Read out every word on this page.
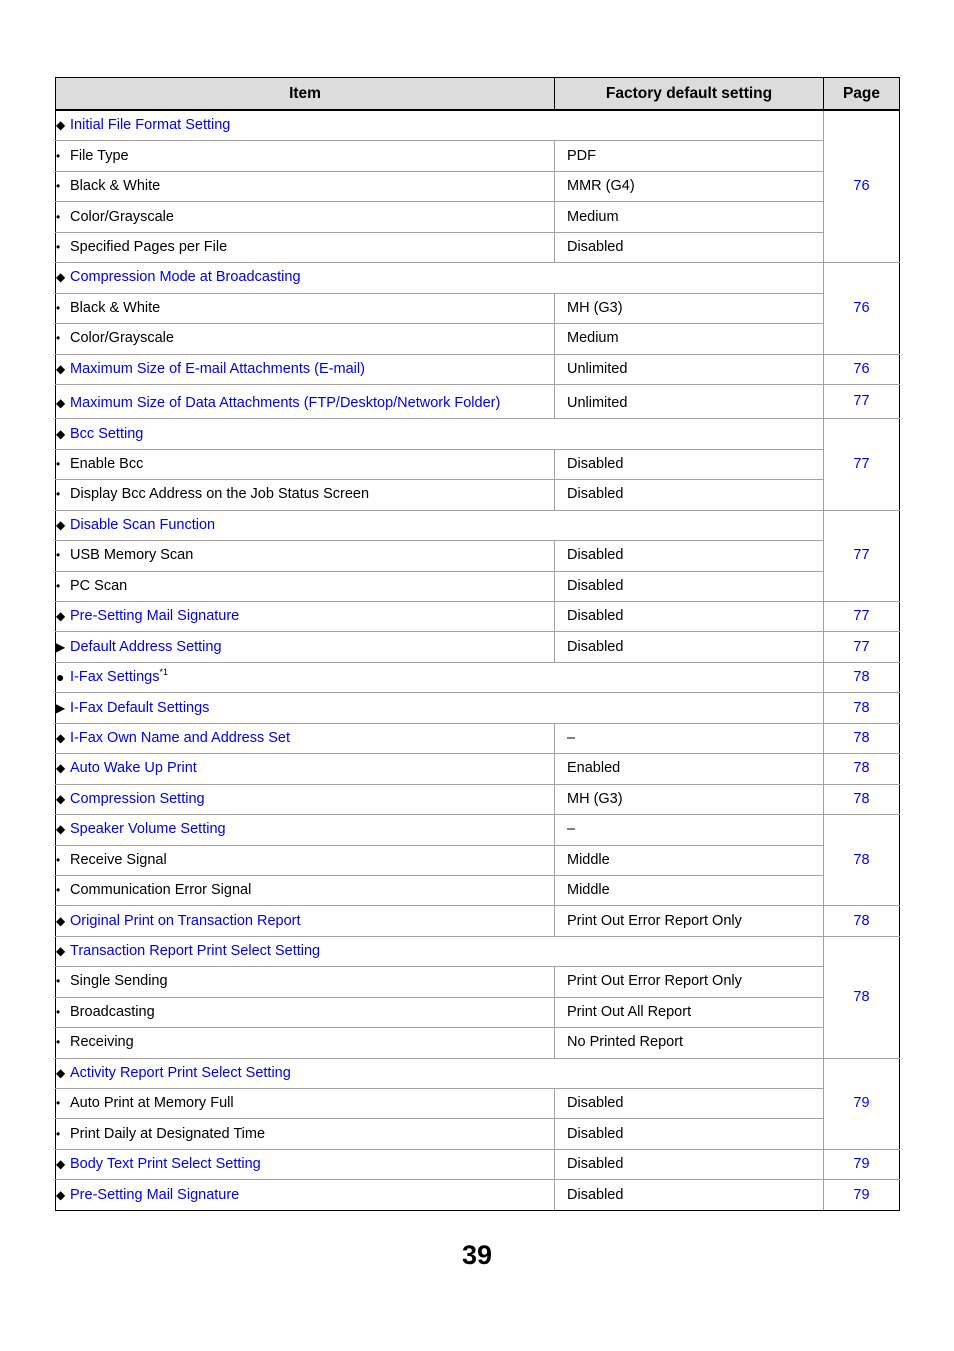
Item	Factory default setting	Page

◆ Initial File Format Setting		76

• File Type	PDF	

• Black & White	MMR (G4)	

• Color/Grayscale	Medium	

• Specified Pages per File	Disabled	

◆ Compression Mode at Broadcasting		76

• Black & White	MH (G3)	

• Color/Grayscale	Medium	

◆ Maximum Size of E-mail Attachments (E-mail)	Unlimited	76

◆ Maximum Size of Data Attachments (FTP/Desktop/Network Folder)	Unlimited	77

◆ Bcc Setting		77

• Enable Bcc	Disabled	

• Display Bcc Address on the Job Status Screen	Disabled	

◆ Disable Scan Function		77

• USB Memory Scan	Disabled	

• PC Scan	Disabled	

◆ Pre-Setting Mail Signature	Disabled	77

▶ Default Address Setting	Disabled	77

● I-Fax Settings$^{*1}$		78

▶ I-Fax Default Settings		78

◆ I-Fax Own Name and Address Set	–	78

◆ Auto Wake Up Print	Enabled	78

◆ Compression Setting	MH (G3)	78

◆ Speaker Volume Setting	–	78

• Receive Signal	Middle	

• Communication Error Signal	Middle	

◆ Original Print on Transaction Report	Print Out Error Report Only	78

◆ Transaction Report Print Select Setting		78

• Single Sending	Print Out Error Report Only	

• Broadcasting	Print Out All Report	

• Receiving	No Printed Report	

◆ Activity Report Print Select Setting		79

• Auto Print at Memory Full	Disabled	

• Print Daily at Designated Time	Disabled	

◆ Body Text Print Select Setting	Disabled	79

◆ Pre-Setting Mail Signature	Disabled	79
39
